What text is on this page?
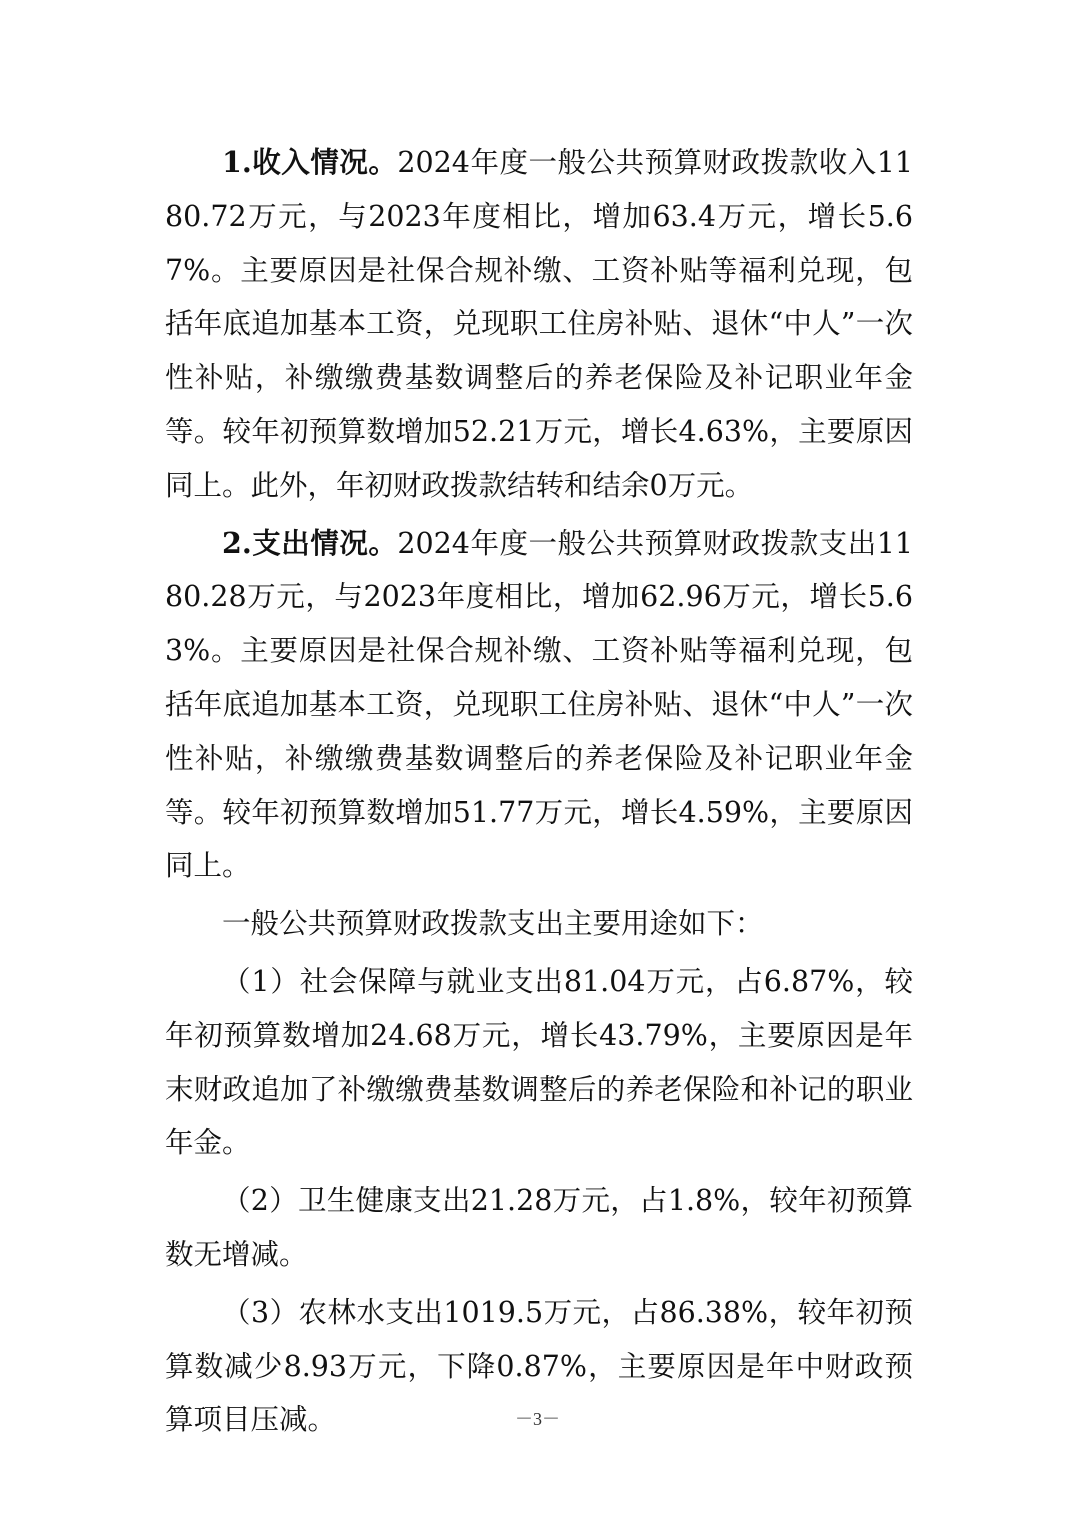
1.收入情况。2024年度一般公共预算财政拨款收入1180.72万元，与2023年度相比，增加63.4万元，增长5.67%。主要原因是社保合规补缴、工资补贴等福利兑现，包括年底追加基本工资，兑现职工住房补贴、退休“中人”一次性补贴，补缴缴费基数调整后的养老保险及补记职业年金等。较年初预算数增加52.21万元，增长4.63%，主要原因同上。此外，年初财政拨款结转和结余0万元。

2.支出情况。2024年度一般公共预算财政拨款支出1180.28万元，与2023年度相比，增加62.96万元，增长5.63%。主要原因是社保合规补缴、工资补贴等福利兑现，包括年底追加基本工资，兑现职工住房补贴、退休“中人”一次性补贴，补缴缴费基数调整后的养老保险及补记职业年金等。较年初预算数增加51.77万元，增长4.59%，主要原因同上。

一般公共预算财政拨款支出主要用途如下：

（1）社会保障与就业支出81.04万元，占6.87%，较年初预算数增加24.68万元，增长43.79%，主要原因是年末财政追加了补缴缴费基数调整后的养老保险和补记的职业年金。

（2）卫生健康支出21.28万元，占1.8%，较年初预算数无增减。

（3）农林水支出1019.5万元，占86.38%，较年初预算数减少8.93万元，下降0.87%，主要原因是年中财政预算项目压减。	－3－
